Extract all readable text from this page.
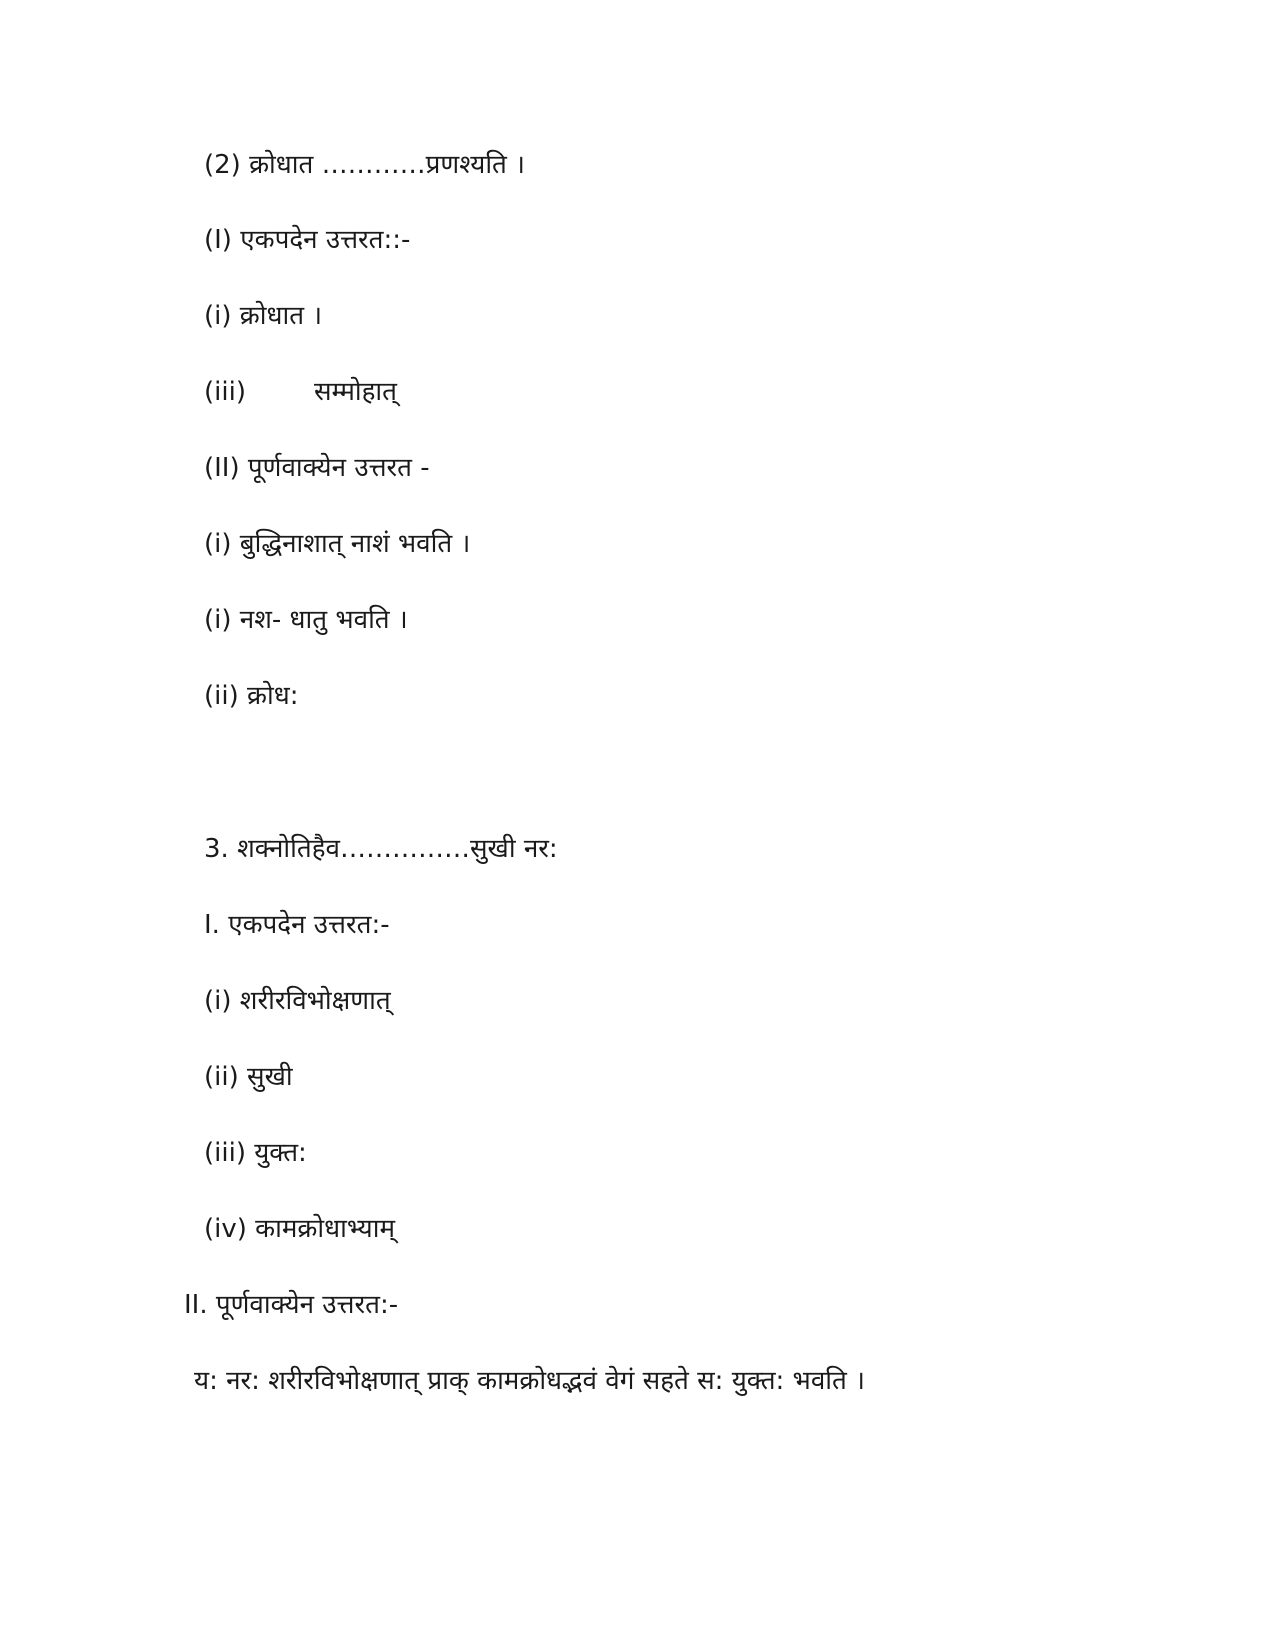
(2) क्रोधात …………प्रणश्यति ।
(I) एकपदेन उत्तरत::-
(i) क्रोधात ।
(iii)	सम्मोहात्
(II) पूर्णवाक्येन उत्तरत -
(i) बुद्धिनाशात् नाशं भवति ।
(i) नश- धातु भवति ।
(ii) क्रोध:
3. शक्नोतिहैव……………सुखी नर:
I. एकपदेन उत्तरत:-
(i) शरीरविभोक्षणात्
(ii) सुखी
(iii) युक्त:
(iv) कामक्रोधाभ्याम्
II. पूर्णवाक्येन उत्तरत:-
य: नर: शरीरविभोक्षणात् प्राक् कामक्रोधद्भवं वेगं सहते स: युक्त: भवति ।
